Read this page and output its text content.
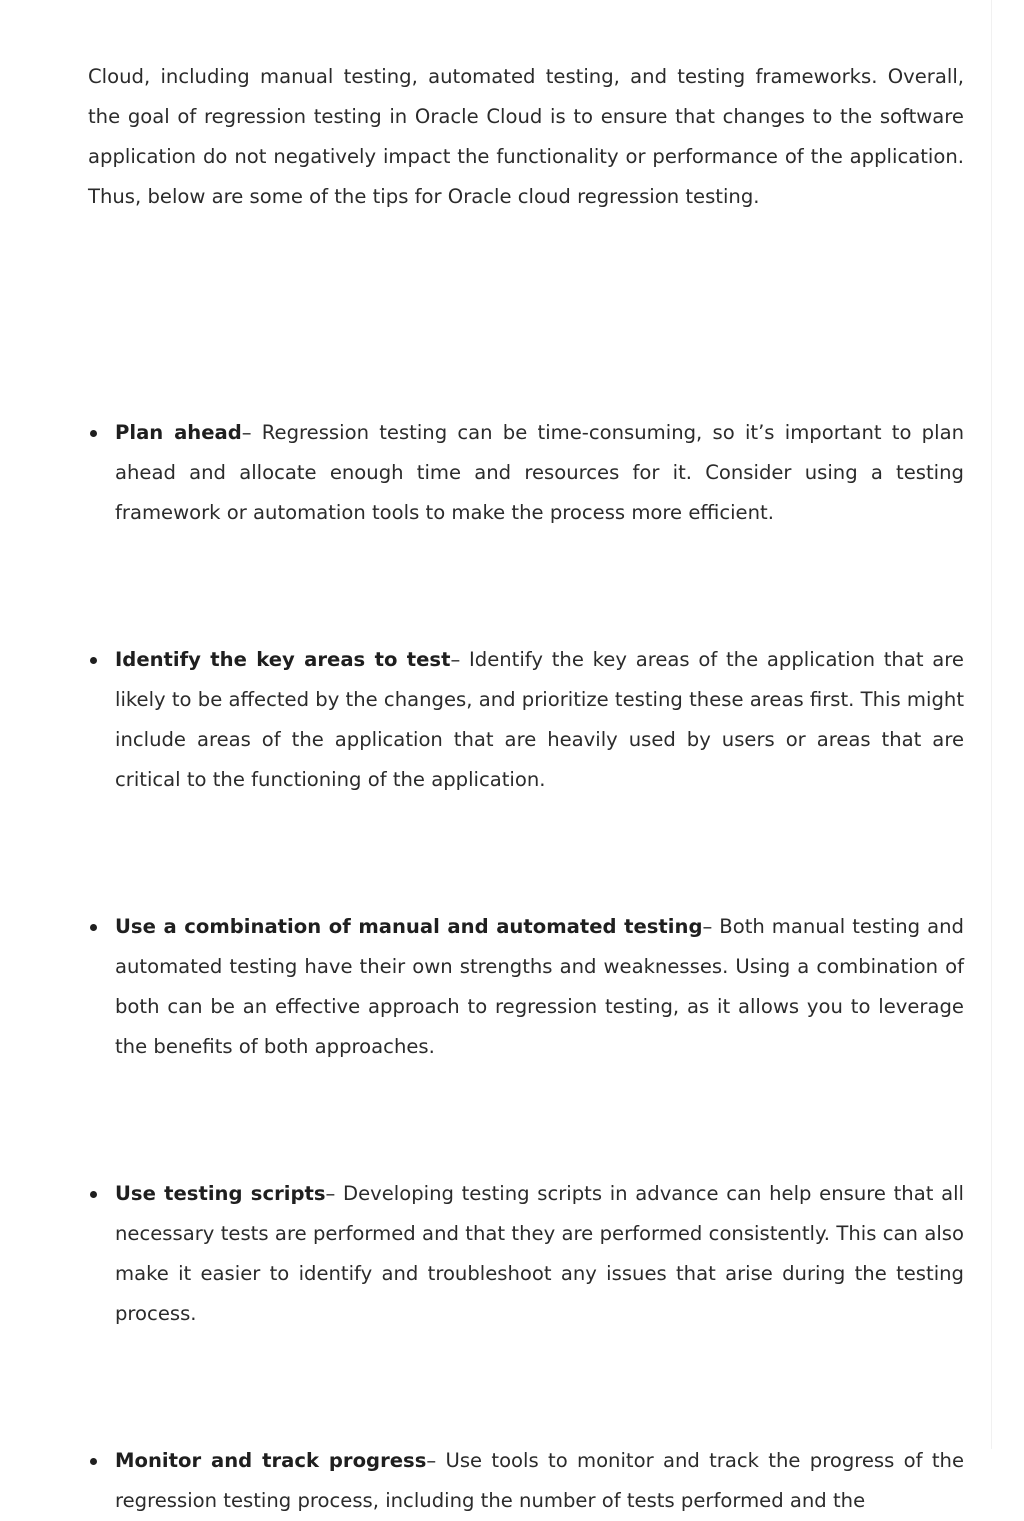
Cloud, including manual testing, automated testing, and testing frameworks. Overall, the goal of regression testing in Oracle Cloud is to ensure that changes to the software application do not negatively impact the functionality or performance of the application. Thus, below are some of the tips for Oracle cloud regression testing.

Plan ahead– Regression testing can be time-consuming, so it’s important to plan ahead and allocate enough time and resources for it. Consider using a testing framework or automation tools to make the process more efficient.

Identify the key areas to test– Identify the key areas of the application that are likely to be affected by the changes, and prioritize testing these areas first. This might include areas of the application that are heavily used by users or areas that are critical to the functioning of the application.

Use a combination of manual and automated testing– Both manual testing and automated testing have their own strengths and weaknesses. Using a combination of both can be an effective approach to regression testing, as it allows you to leverage the benefits of both approaches.

Use testing scripts– Developing testing scripts in advance can help ensure that all necessary tests are performed and that they are performed consistently. This can also make it easier to identify and troubleshoot any issues that arise during the testing process.

Monitor and track progress– Use tools to monitor and track the progress of the regression testing process, including the number of tests performed and the
